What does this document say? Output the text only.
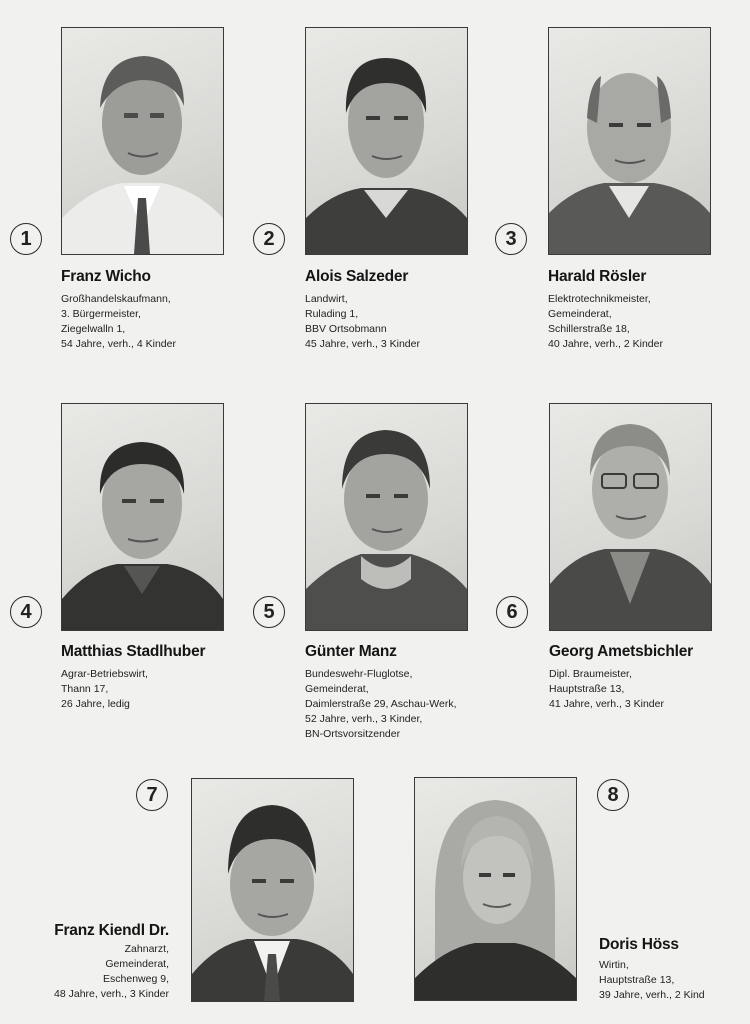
1	2	3
4	5	6
7	8
Franz Wicho
Großhandelskaufmann,
3. Bürgermeister,
Ziegelwalln 1,
54 Jahre, verh., 4 Kinder
Alois Salzeder
Landwirt,
Rulading 1,
BBV Ortsobmann
45 Jahre, verh., 3 Kinder
Harald Rösler
Elektrotechnikmeister,
Gemeinderat,
Schillerstraße 18,
40 Jahre, verh., 2 Kinder
Matthias Stadlhuber
Agrar-Betriebswirt,
Thann 17,
26 Jahre, ledig
Günter Manz
Bundeswehr-Fluglotse,
Gemeinderat,
Daimlerstraße 29, Aschau-Werk,
52 Jahre, verh., 3 Kinder,
BN-Ortsvorsitzender
Georg Ametsbichler
Dipl. Braumeister,
Hauptstraße 13,
41 Jahre, verh., 3 Kinder
Franz Kiendl Dr.
Zahnarzt,
Gemeinderat,
Eschenweg 9,
48 Jahre, verh., 3 Kinder
Doris Höss
Wirtin,
Hauptstraße 13,
39 Jahre, verh., 2 Kind
